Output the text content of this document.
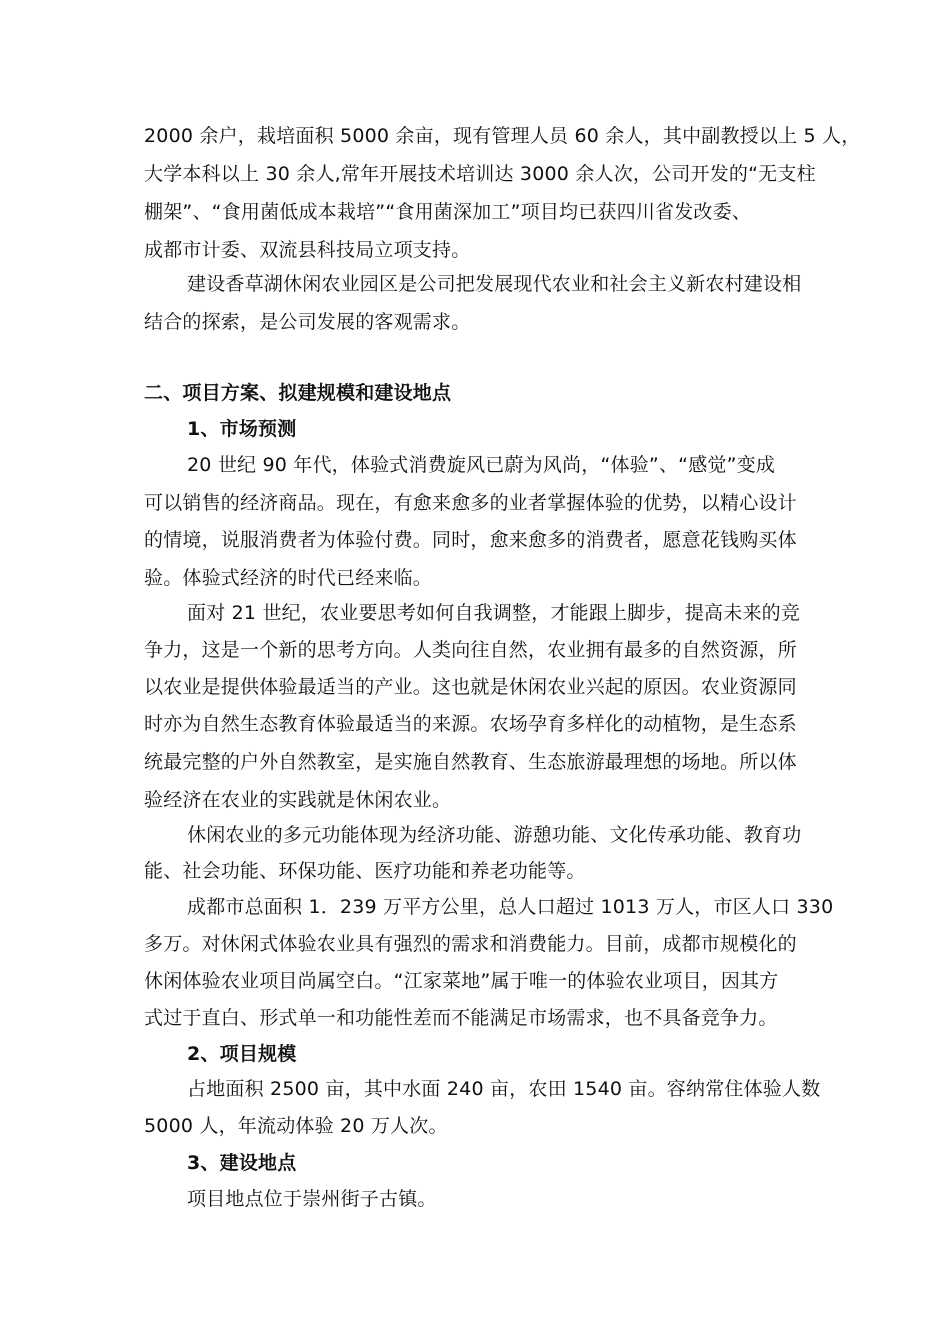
2000 余户，栽培面积 5000 余亩，现有管理人员 60 余人，其中副教授以上 5 人，
大学本科以上 30 余人,常年开展技术培训达 3000 余人次，公司开发的“无支柱
棚架”、“食用菌低成本栽培”“食用菌深加工”项目均已获四川省发改委、
成都市计委、双流县科技局立项支持。
建设香草湖休闲农业园区是公司把发展现代农业和社会主义新农村建设相
结合的探索，是公司发展的客观需求。
二、项目方案、拟建规模和建设地点
1、市场预测
20 世纪 90 年代，体验式消费旋风已蔚为风尚，“体验”、“感觉”变成
可以销售的经济商品。现在，有愈来愈多的业者掌握体验的优势，以精心设计
的情境，说服消费者为体验付费。同时，愈来愈多的消费者，愿意花钱购买体
验。体验式经济的时代已经来临。
面对 21 世纪，农业要思考如何自我调整，才能跟上脚步，提高未来的竞
争力，这是一个新的思考方向。人类向往自然，农业拥有最多的自然资源，所
以农业是提供体验最适当的产业。这也就是休闲农业兴起的原因。农业资源同
时亦为自然生态教育体验最适当的来源。农场孕育多样化的动植物，是生态系
统最完整的户外自然教室，是实施自然教育、生态旅游最理想的场地。所以体
验经济在农业的实践就是休闲农业。
休闲农业的多元功能体现为经济功能、游憩功能、文化传承功能、教育功
能、社会功能、环保功能、医疗功能和养老功能等。
成都市总面积 1．239 万平方公里，总人口超过 1013 万人，市区人口 330
多万。对休闲式体验农业具有强烈的需求和消费能力。目前，成都市规模化的
休闲体验农业项目尚属空白。“江家菜地”属于唯一的体验农业项目，因其方
式过于直白、形式单一和功能性差而不能满足市场需求，也不具备竞争力。
2、项目规模
占地面积 2500 亩，其中水面 240 亩，农田 1540 亩。容纳常住体验人数
5000 人，年流动体验 20 万人次。
3、建设地点
项目地点位于崇州街子古镇。
